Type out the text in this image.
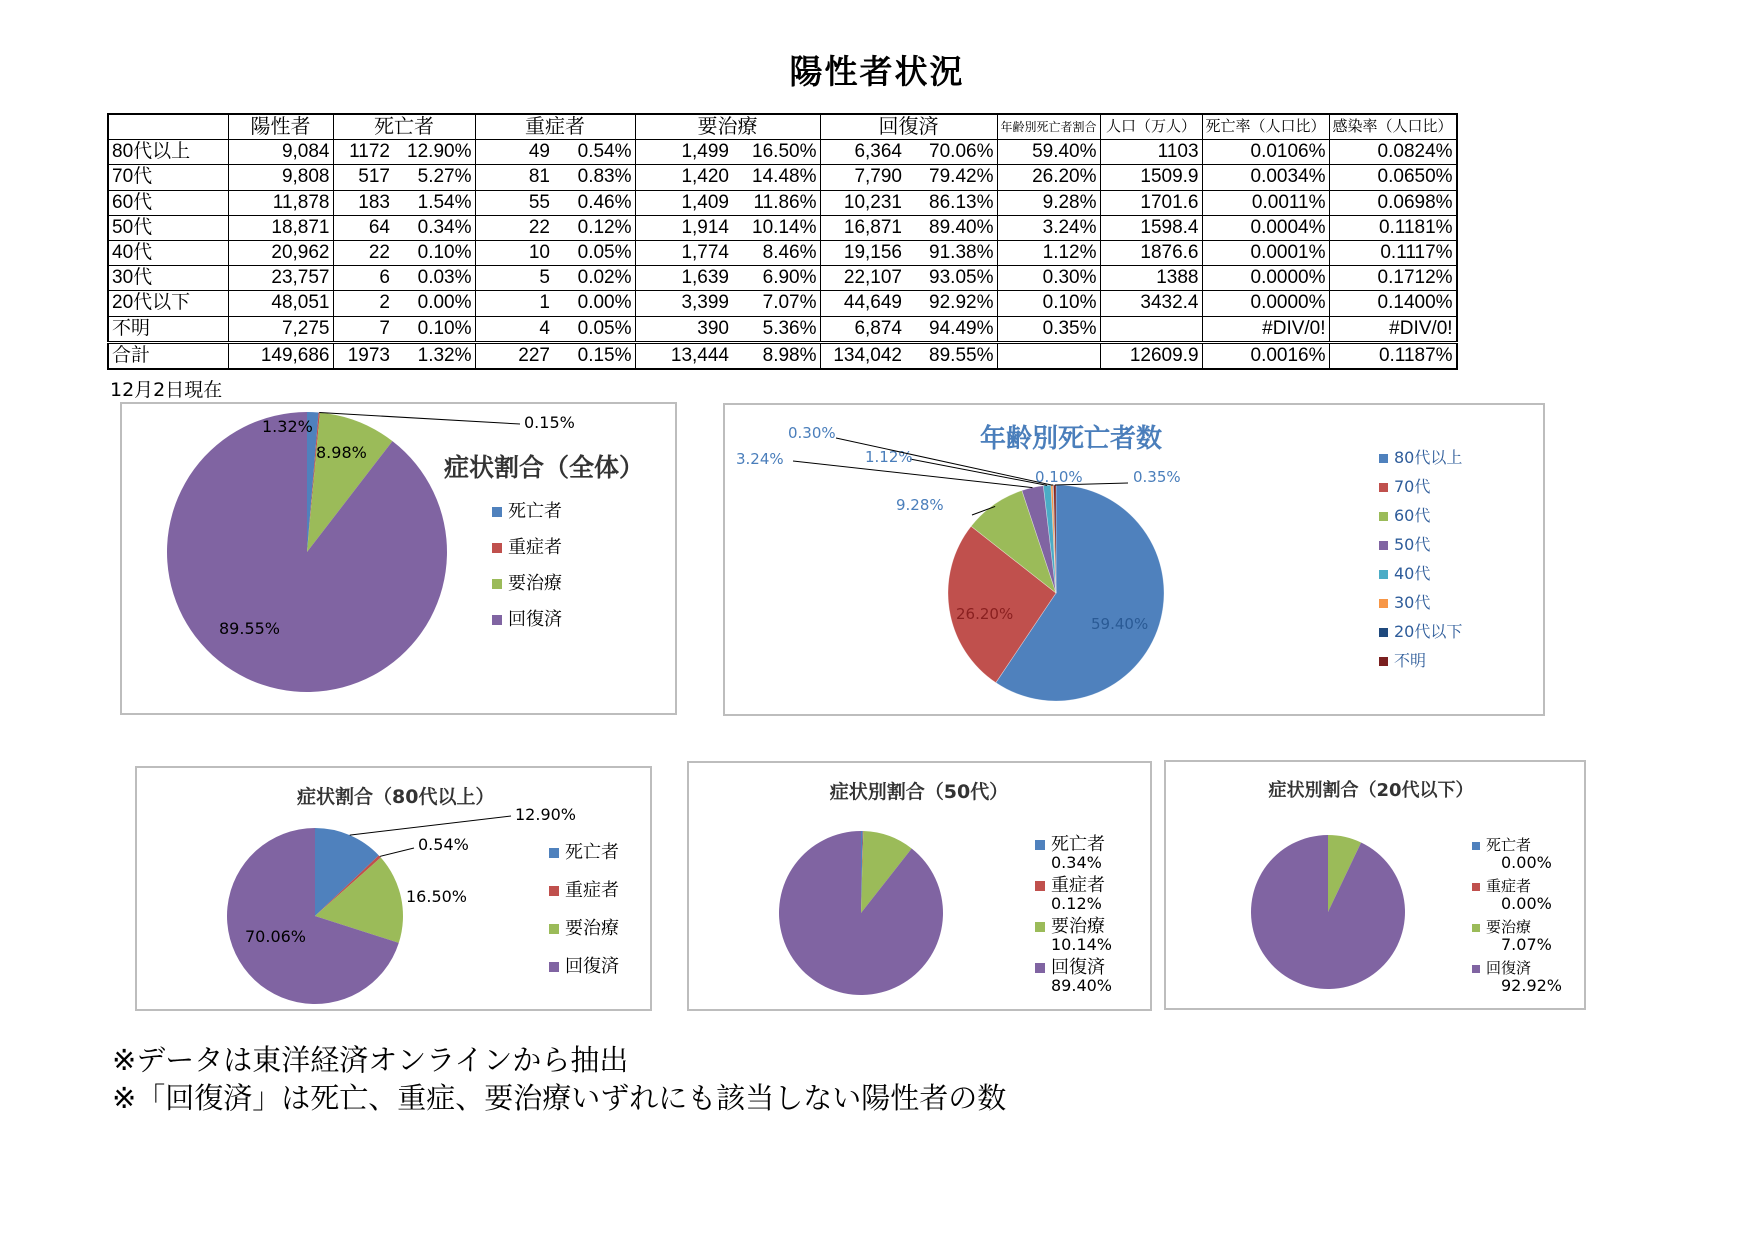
陽性者状況
	陽性者	死亡者		重症者		要治療		回復済		年齢別死亡者割合	人口（万人）	死亡率（人口比）	感染率（人口比）
80代以上	9,084	1172	12.90%	49	0.54%	1,499	16.50%	6,364	70.06%	59.40%	1103	0.0106%	0.0824%
70代	9,808	517	5.27%	81	0.83%	1,420	14.48%	7,790	79.42%	26.20%	1509.9	0.0034%	0.0650%
60代	11,878	183	1.54%	55	0.46%	1,409	11.86%	10,231	86.13%	9.28%	1701.6	0.0011%	0.0698%
50代	18,871	64	0.34%	22	0.12%	1,914	10.14%	16,871	89.40%	3.24%	1598.4	0.0004%	0.1181%
40代	20,962	22	0.10%	10	0.05%	1,774	8.46%	19,156	91.38%	1.12%	1876.6	0.0001%	0.1117%
30代	23,757	6	0.03%	5	0.02%	1,639	6.90%	22,107	93.05%	0.30%	1388	0.0000%	0.1712%
20代以下	48,051	2	0.00%	1	0.00%	3,399	7.07%	44,649	92.92%	0.10%	3432.4	0.0000%	0.1400%
不明	7,275	7	0.10%	4	0.05%	390	5.36%	6,874	94.49%	0.35%		#DIV/0!	#DIV/0!
合計	149,686	1973	1.32%	227	0.15%	13,444	8.98%	134,042	89.55%		12609.9	0.0016%	0.1187%
12月2日現在
症状割合（全体）
1.32%	0.15%
8.98%
89.55%
死亡者
重症者
要治療
回復済
年齢別死亡者数
59.40%
26.20%
9.28%
3.24%	1.12%
0.30%
0.10%	0.35%
80代以上
70代
60代
50代
40代
30代
20代以下
不明
症状割合（80代以上）
12.90%
0.54%
16.50%
70.06%
死亡者
重症者
要治療
回復済
症状別割合（50代）
死亡者
0.34%
重症者
0.12%
要治療
10.14%
回復済
89.40%
症状別割合（20代以下）
死亡者
0.00%
重症者
0.00%
要治療
7.07%
回復済
92.92%
※データは東洋経済オンラインから抽出
※「回復済」は死亡、重症、要治療いずれにも該当しない陽性者の数
